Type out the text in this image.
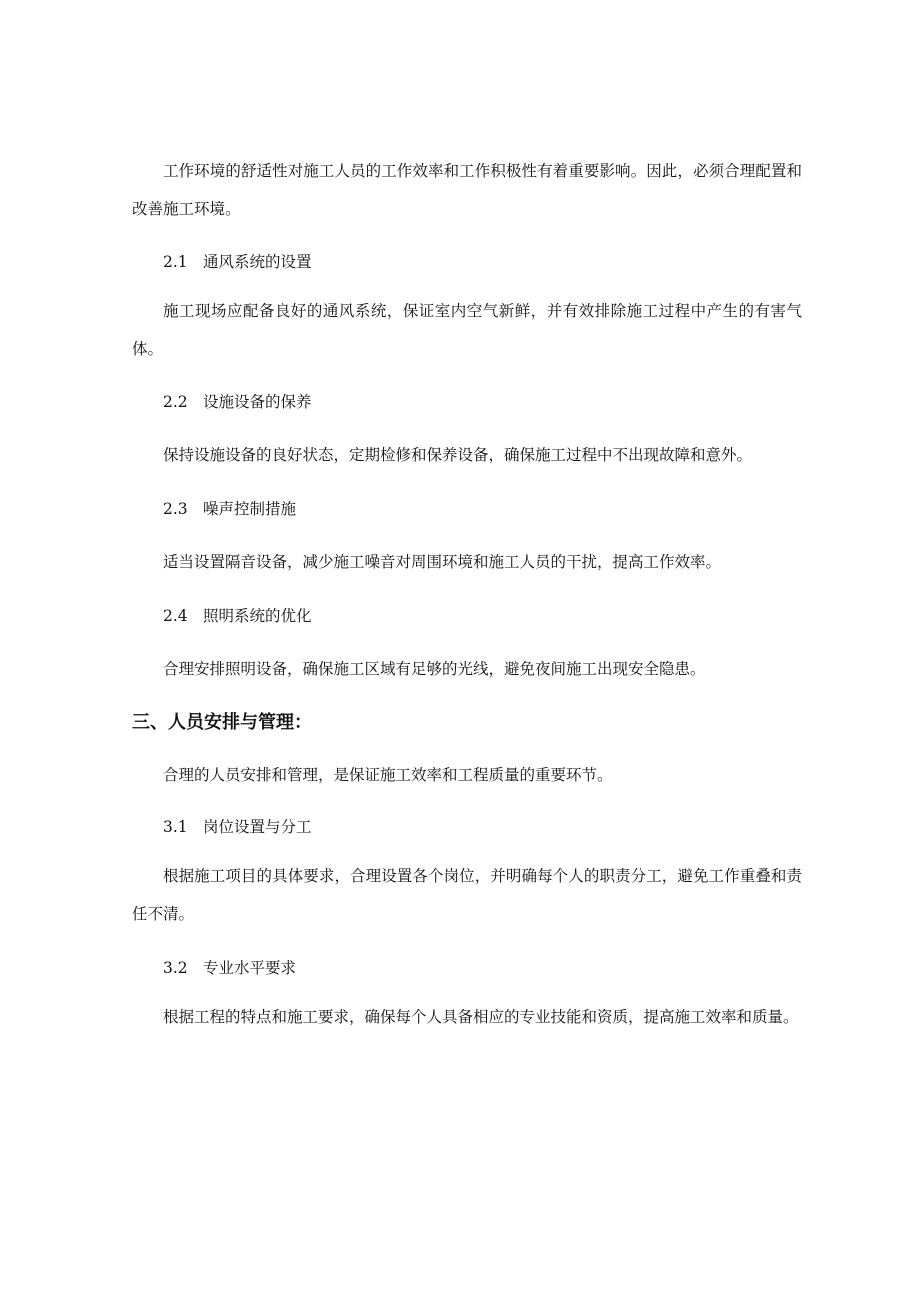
工作环境的舒适性对施工人员的工作效率和工作积极性有着重要影响。因此，必须合理配置和改善施工环境。

2.1 通风系统的设置

施工现场应配备良好的通风系统，保证室内空气新鲜，并有效排除施工过程中产生的有害气体。

2.2 设施设备的保养

保持设施设备的良好状态，定期检修和保养设备，确保施工过程中不出现故障和意外。

2.3 噪声控制措施

适当设置隔音设备，减少施工噪音对周围环境和施工人员的干扰，提高工作效率。

2.4 照明系统的优化

合理安排照明设备，确保施工区域有足够的光线，避免夜间施工出现安全隐患。

三、人员安排与管理：

合理的人员安排和管理，是保证施工效率和工程质量的重要环节。

3.1 岗位设置与分工

根据施工项目的具体要求，合理设置各个岗位，并明确每个人的职责分工，避免工作重叠和责任不清。

3.2 专业水平要求

根据工程的特点和施工要求，确保每个人具备相应的专业技能和资质，提高施工效率和质量。
